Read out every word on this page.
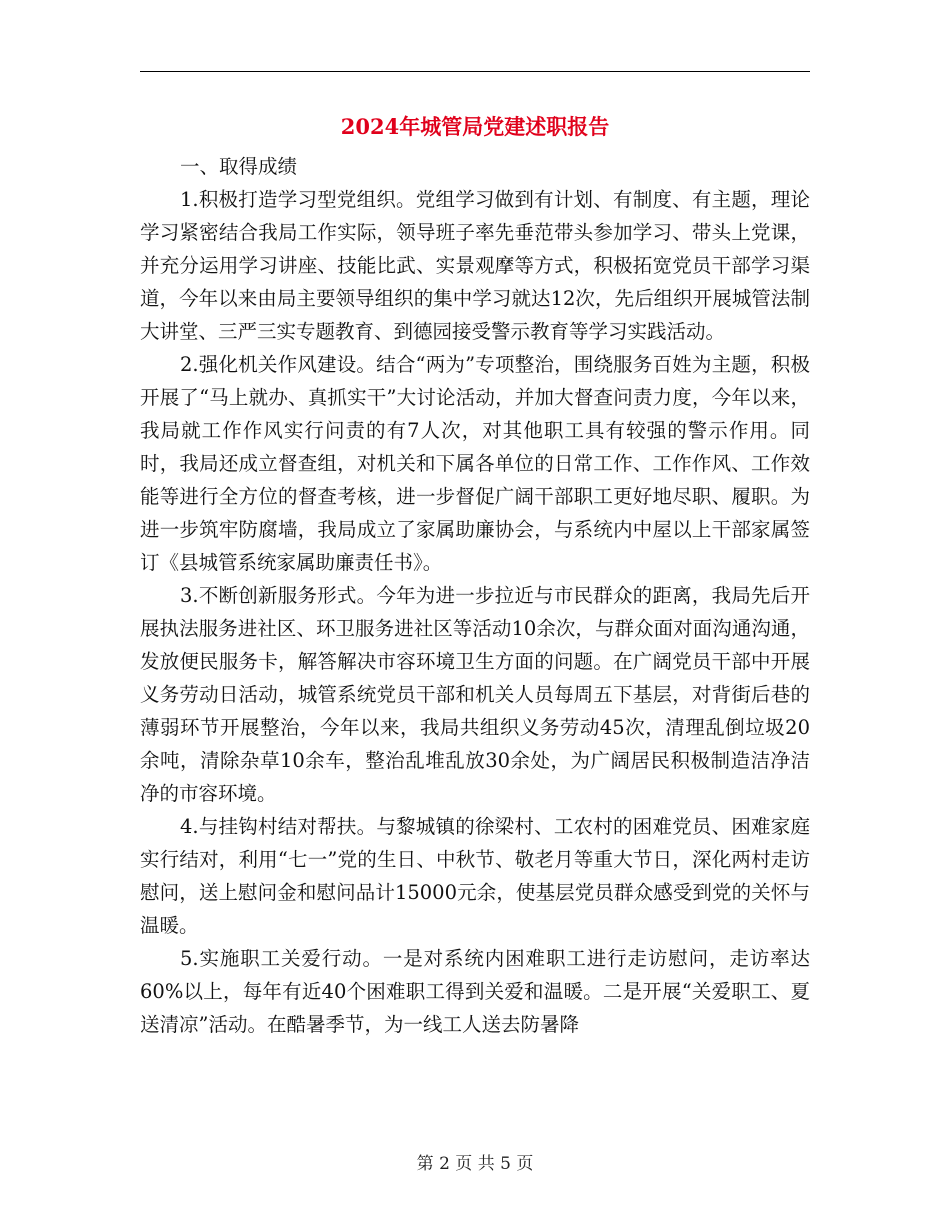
2024年城管局党建述职报告

一、取得成绩

1.积极打造学习型党组织。党组学习做到有计划、有制度、有主题，理论学习紧密结合我局工作实际，领导班子率先垂范带头参加学习、带头上党课，并充分运用学习讲座、技能比武、实景观摩等方式，积极拓宽党员干部学习渠道，今年以来由局主要领导组织的集中学习就达12次，先后组织开展城管法制大讲堂、三严三实专题教育、到德园接受警示教育等学习实践活动。

2.强化机关作风建设。结合“两为”专项整治，围绕服务百姓为主题，积极开展了“马上就办、真抓实干”大讨论活动，并加大督查问责力度，今年以来，我局就工作作风实行问责的有7人次，对其他职工具有较强的警示作用。同时，我局还成立督查组，对机关和下属各单位的日常工作、工作作风、工作效能等进行全方位的督查考核，进一步督促广阔干部职工更好地尽职、履职。为进一步筑牢防腐墙，我局成立了家属助廉协会，与系统内中屋以上干部家属签订《县城管系统家属助廉责任书》。

3.不断创新服务形式。今年为进一步拉近与市民群众的距离，我局先后开展执法服务进社区、环卫服务进社区等活动10余次，与群众面对面沟通沟通，发放便民服务卡，解答解决市容环境卫生方面的问题。在广阔党员干部中开展义务劳动日活动，城管系统党员干部和机关人员每周五下基层，对背街后巷的薄弱环节开展整治，今年以来，我局共组织义务劳动45次，清理乱倒垃圾20余吨，清除杂草10余车，整治乱堆乱放30余处，为广阔居民积极制造洁净洁净的市容环境。

4.与挂钩村结对帮扶。与黎城镇的徐梁村、工农村的困难党员、困难家庭实行结对，利用“七一”党的生日、中秋节、敬老月等重大节日，深化两村走访慰问，送上慰问金和慰问品计15000元余，使基层党员群众感受到党的关怀与温暖。

5.实施职工关爱行动。一是对系统内困难职工进行走访慰问，走访率达60%以上，每年有近40个困难职工得到关爱和温暖。二是开展“关爱职工、夏送清凉”活动。在酷暑季节，为一线工人送去防暑降

第 2 页 共 5 页
